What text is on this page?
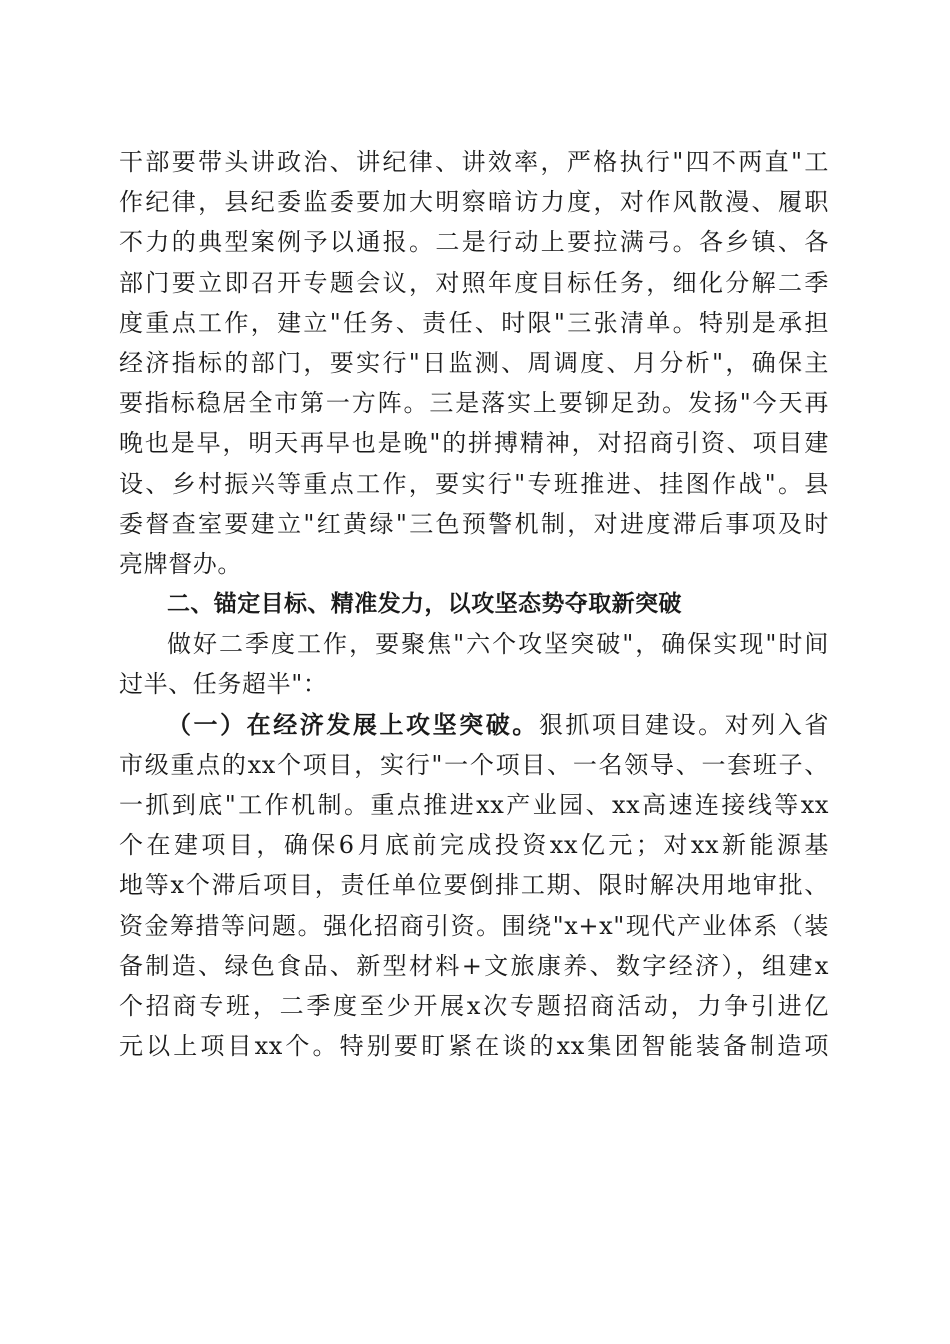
干部要带头讲政治、讲纪律、讲效率，严格执行"四不两直"工
作纪律，县纪委监委要加大明察暗访力度，对作风散漫、履职
不力的典型案例予以通报。二是行动上要拉满弓。各乡镇、各
部门要立即召开专题会议，对照年度目标任务，细化分解二季
度重点工作，建立"任务、责任、时限"三张清单。特别是承担
经济指标的部门，要实行"日监测、周调度、月分析"，确保主
要指标稳居全市第一方阵。三是落实上要铆足劲。发扬"今天再
晚也是早，明天再早也是晚"的拼搏精神，对招商引资、项目建
设、乡村振兴等重点工作，要实行"专班推进、挂图作战"。县
委督查室要建立"红黄绿"三色预警机制，对进度滞后事项及时
亮牌督办。
二、锚定目标、精准发力，以攻坚态势夺取新突破
做好二季度工作，要聚焦"六个攻坚突破"，确保实现"时间
过半、任务超半"：
（一）在经济发展上攻坚突破。狠抓项目建设。对列入省
市级重点的xx个项目，实行"一个项目、一名领导、一套班子、
一抓到底"工作机制。重点推进xx产业园、xx高速连接线等xx
个在建项目，确保6月底前完成投资xx亿元；对xx新能源基
地等x个滞后项目，责任单位要倒排工期、限时解决用地审批、
资金筹措等问题。强化招商引资。围绕"x+x"现代产业体系（装
备制造、绿色食品、新型材料+文旅康养、数字经济），组建x
个招商专班，二季度至少开展x次专题招商活动，力争引进亿
元以上项目xx个。特别要盯紧在谈的xx集团智能装备制造项
